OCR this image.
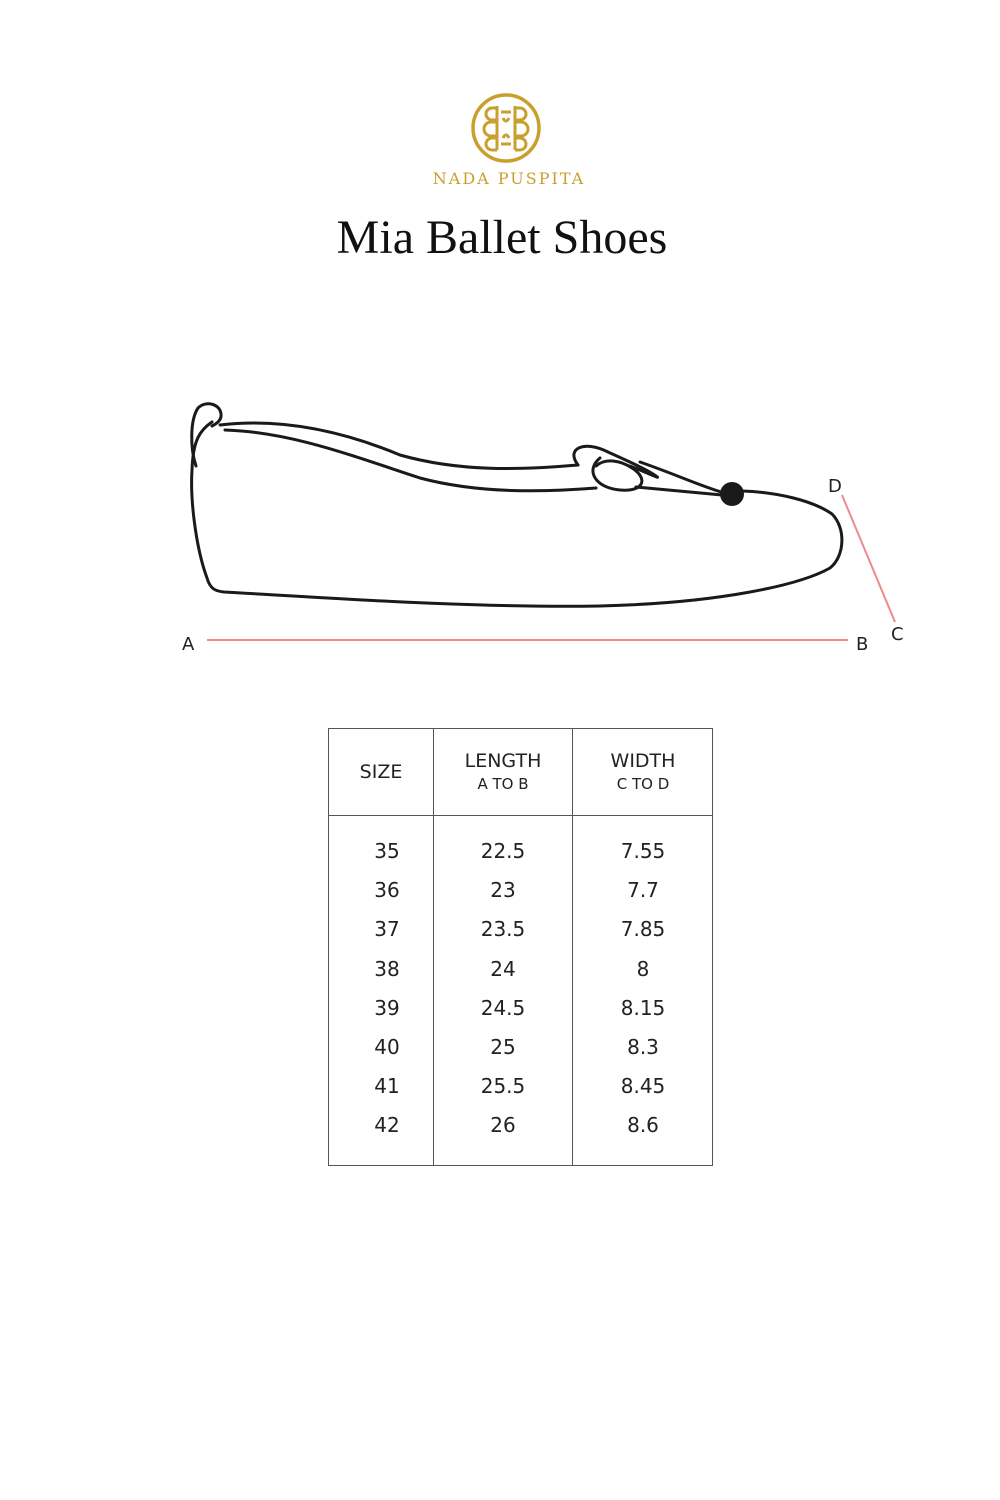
NADA PUSPITA
Mia Ballet Shoes
A	B C
D
SIZE
35
36
37
38
39
40
41
42
LENGTH
A TO B
22.5
23
23.5
24
24.5
25
25.5
26
WIDTH
C TO D
7.55
7.7
7.85
8
8.15
8.3
8.45
8.6
